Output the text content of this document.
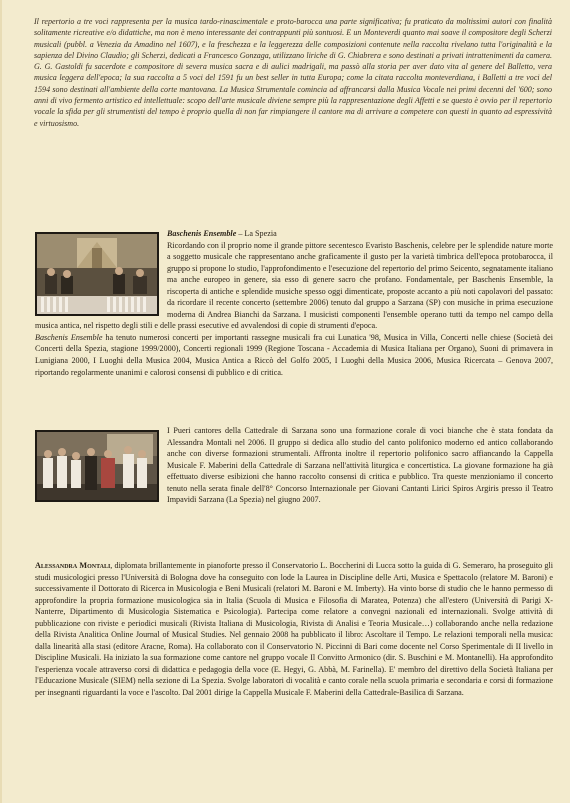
Il repertorio a tre voci rappresenta per la musica tardo-rinascimentale e proto-barocca una parte significativa; fu praticato da moltissimi autori con finalità solitamente ricreative e/o didattiche, ma non è meno interessante dei contrappunti più sontuosi. E un Monteverdi quanto mai soave il compositore degli Scherzi musicali (pubbl. a Venezia da Amadino nel 1607), e la freschezza e la leggerezza delle composizioni contenute nella raccolta rivelano tutta l'originalità e la sapienza del Divino Claudio; gli Scherzi, dedicati a Francesco Gonzaga, utilizzano liriche di G. Chiabrera e sono destinati a privati intrattenimenti da camera. G. G. Gastoldi fu sacerdote e compositore di severa musica sacra e di aulici madrigali, ma passò alla storia per aver dato vita al genere del Balletto, vera musica leggera dell'epoca; la sua raccolta a 5 voci del 1591 fu un best seller in tutta Europa; come la citata raccolta monteverdiana, i Balletti a tre voci del 1594 sono destinati all'ambiente della corte mantovana. La Musica Strumentale comincia ad affrancarsi dalla Musica Vocale nei primi decenni del '600; sono anni di vivo fermento artistico ed intellettuale: scopo dell'arte musicale diviene sempre più la rappresentazione degli Affetti e se questo è ovvio per il repertorio vocale la sfida per gli strumentisti del tempo è proprio quella di non far rimpiangere il cantore ma di arrivare a competere con questi in quanto ad espressività e virtuosismo.
Baschenis Ensemble – La Spezia
Ricordando con il proprio nome il grande pittore secentesco Evaristo Baschenis, celebre per le splendide nature morte a soggetto musicale che rappresentano anche graficamente il gusto per la varietà timbrica dell'epoca protobarocca, il gruppo si propone lo studio, l'approfondimento e l'esecuzione del repertorio del primo Seicento, segnatamente italiano ma anche europeo in genere, sia esso di genere sacro che profano. Fondamentale, per Baschenis Ensemble, la riscoperta di antiche e splendide musiche spesso oggi dimenticate, proposte accanto a più noti capolavori del passato: da ricordare il recente concerto (settembre 2006) tenuto dal gruppo a Sarzana (SP) con musiche in prima esecuzione moderna di Andrea Bianchi da Sarzana. I musicisti componenti l'ensemble operano tutti da tempo nel campo della musica antica, nel rispetto degli stili e delle prassi esecutive ed avvalendosi di copie di strumenti d'epoca.
Baschenis Ensemble ha tenuto numerosi concerti per importanti rassegne musicali fra cui Lunatica '98, Musica in Villa, Concerti nelle chiese (Società dei Concerti della Spezia, stagione 1999/2000), Concerti regionali 1999 (Regione Toscana - Accademia di Musica Italiana per Organo), Suoni di primavera in Lunigiana 2000, I Luoghi della Musica 2004, Musica Antica a Riccò del Golfo 2005, I Luoghi della Musica 2006, Musica Ricercata – Genova 2007, riportando regolarmente unanimi e calorosi consensi di pubblico e di critica.
I Pueri cantores della Cattedrale di Sarzana sono una formazione corale di voci bianche che è stata fondata da Alessandra Montali nel 2006. Il gruppo si dedica allo studio del canto polifonico moderno ed antico collaborando anche con diverse formazioni strumentali. Affronta inoltre il repertorio polifonico sacro affiancando la Cappella Musicale F. Maberini della Cattedrale di Sarzana nell'attività liturgica e concertistica. La giovane formazione ha già effettuato diverse esibizioni che hanno raccolto consensi di critica e pubblico. Tra queste menzioniamo il concerto tenuto nella serata finale dell'8° Concorso Internazionale per Giovani Cantanti Lirici Spiros Argiris presso il Teatro Impavidi Sarzana (La Spezia) nel giugno 2007.
Alessandra Montali, diplomata brillantemente in pianoforte presso il Conservatorio L. Boccherini di Lucca sotto la guida di G. Semeraro, ha proseguito gli studi musicologici presso l'Università di Bologna dove ha conseguito con lode la Laurea in Discipline delle Arti, Musica e Spettacolo (relatore M. Baroni) e successivamente il Dottorato di Ricerca in Musicologia e Beni Musicali (relatori M. Baroni e M. Imberty). Ha vinto borse di studio che le hanno permesso di approfondire la propria formazione musicologica sia in Italia (Scuola di Musica e Filosofia di Maratea, Potenza) che all'estero (Università di Parigi X- Nanterre, Dipartimento di Musicologia Sistematica e Psicologia). Partecipa come relatore a convegni nazionali ed internazionali. Svolge attività di pubblicazione con riviste e periodici musicali (Rivista Italiana di Musicologia, Rivista di Analisi e Teoria Musicale…) collaborando anche nella redazione della Rivista Analitica Online Journal of Musical Studies. Nel gennaio 2008 ha pubblicato il libro: Ascoltare il Tempo. Le relazioni temporali nella musica: dalla linearità alla stasi (editore Aracne, Roma). Ha collaborato con il Conservatorio N. Piccinni di Bari come docente nel Corso Sperimentale di II livello in Discipline Musicali. Ha iniziato la sua formazione come cantore nel gruppo vocale Il Convitto Armonico (dir. S. Buschini e M. Montanelli). Ha approfondito l'esperienza vocale attraverso corsi di didattica e pedagogia della voce (E. Hegyi, G. Abbà, M. Farinella). E' membro del direttivo della Società Italiana per l'Educazione Musicale (SIEM) nella sezione di La Spezia. Svolge laboratori di vocalità e canto corale nella scuola primaria e secondaria e corsi di formazione per insegnanti riguardanti la voce e l'ascolto. Dal 2001 dirige la Cappella Musicale F. Maberini della Cattedrale-Basilica di Sarzana.
